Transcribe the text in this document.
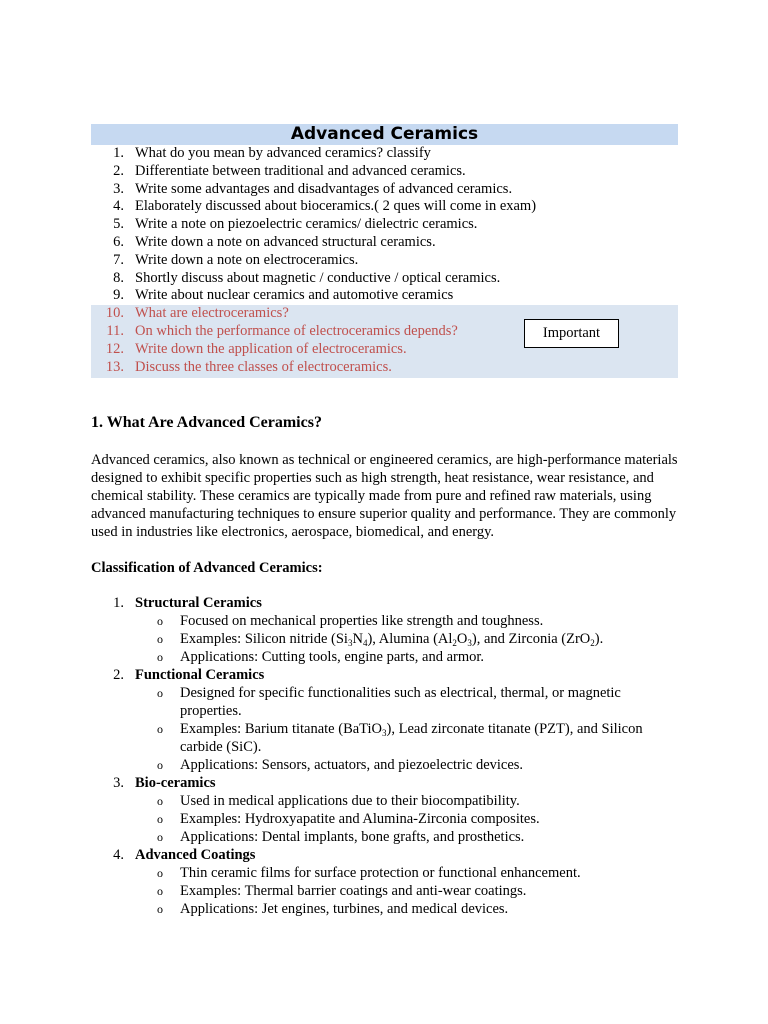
Advanced Ceramics
1. What do you mean by advanced ceramics? classify
2. Differentiate between traditional and advanced ceramics.
3. Write some advantages and disadvantages of advanced ceramics.
4. Elaborately discussed about bioceramics.( 2 ques will come in exam)
5. Write a note on piezoelectric ceramics/ dielectric ceramics.
6. Write down a note on advanced structural ceramics.
7. Write down a note on electroceramics.
8. Shortly discuss about magnetic / conductive / optical ceramics.
9. Write about nuclear ceramics and automotive ceramics
10. What are electroceramics?
11. On which the performance of electroceramics depends?
12. Write down the application of electroceramics.
13. Discuss the three classes of electroceramics.
Important
1. What Are Advanced Ceramics?

Advanced ceramics, also known as technical or engineered ceramics, are high-performance materials designed to exhibit specific properties such as high strength, heat resistance, wear resistance, and chemical stability. These ceramics are typically made from pure and refined raw materials, using advanced manufacturing techniques to ensure superior quality and performance. They are commonly used in industries like electronics, aerospace, biomedical, and energy.

Classification of Advanced Ceramics:
1. Structural Ceramics
o Focused on mechanical properties like strength and toughness.
o Examples: Silicon nitride $(Si_3N_4)$, Alumina $(Al_2O_3)$, and Zirconia (ZrO$_2$).
o Applications: Cutting tools, engine parts, and armor.
2. Functional Ceramics
o Designed for specific functionalities such as electrical, thermal, or magnetic properties.
o Examples: Barium titanate (BaTiO$_3$), Lead zirconate titanate (PZT), and Silicon carbide (SiC).
o Applications: Sensors, actuators, and piezoelectric devices.
3. Bio-ceramics
o Used in medical applications due to their biocompatibility.
o Examples: Hydroxyapatite and Alumina-Zirconia composites.
o Applications: Dental implants, bone grafts, and prosthetics.
4. Advanced Coatings
o Thin ceramic films for surface protection or functional enhancement.
o Examples: Thermal barrier coatings and anti-wear coatings.
o Applications: Jet engines, turbines, and medical devices.
